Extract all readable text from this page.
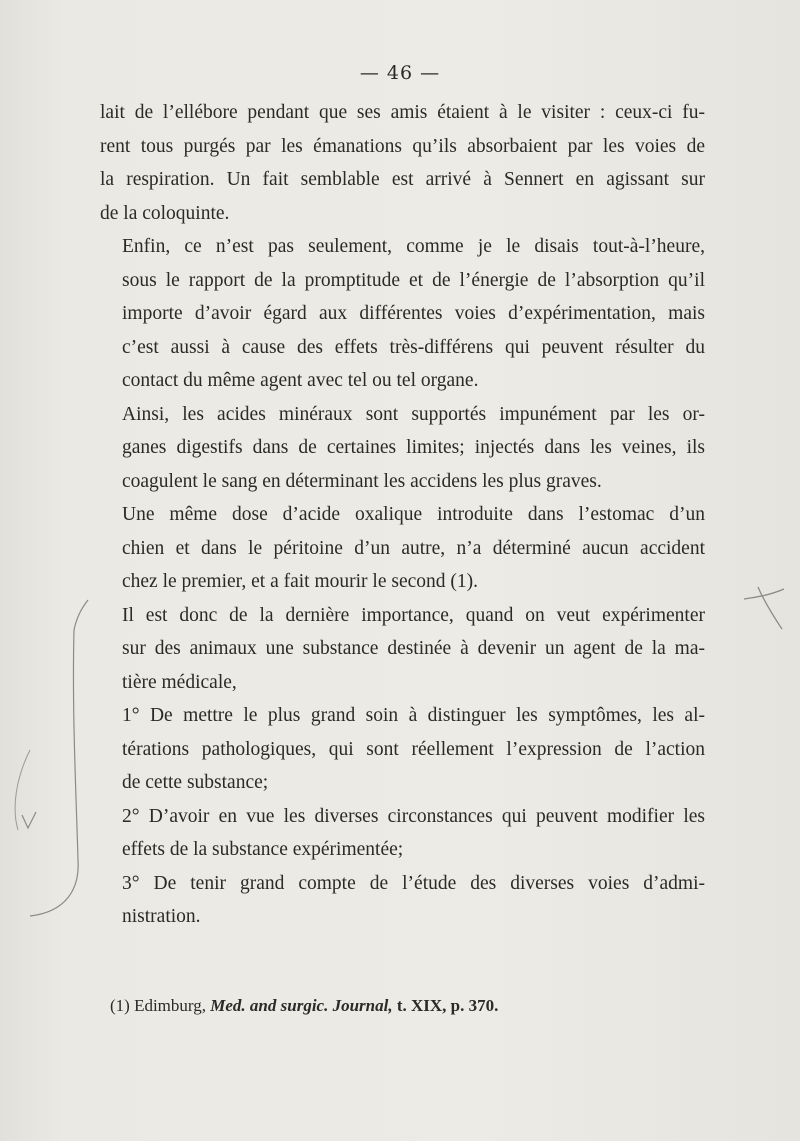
— 46 —

lait de l’ellébore pendant que ses amis étaient à le visiter : ceux-ci fu-
rent tous purgés par les émanations qu’ils absorbaient par les voies de
la respiration. Un fait semblable est arrivé à Sennert en agissant sur
de la coloquinte.

Enfin, ce n’est pas seulement, comme je le disais tout-à-l’heure,
sous le rapport de la promptitude et de l’énergie de l’absorption qu’il
importe d’avoir égard aux différentes voies d’expérimentation, mais
c’est aussi à cause des effets très-différens qui peuvent résulter du
contact du même agent avec tel ou tel organe.

Ainsi, les acides minéraux sont supportés impunément par les or-
ganes digestifs dans de certaines limites; injectés dans les veines, ils
coagulent le sang en déterminant les accidens les plus graves.

Une même dose d’acide oxalique introduite dans l’estomac d’un
chien et dans le péritoine d’un autre, n’a déterminé aucun accident
chez le premier, et a fait mourir le second (1).

Il est donc de la dernière importance, quand on veut expérimenter
sur des animaux une substance destinée à devenir un agent de la ma-
tière médicale,

1° De mettre le plus grand soin à distinguer les symptômes, les al-
térations pathologiques, qui sont réellement l’expression de l’action
de cette substance;

2° D’avoir en vue les diverses circonstances qui peuvent modifier les
effets de la substance expérimentée;

3° De tenir grand compte de l’étude des diverses voies d’admi-
nistration.

(1) Edimburg, Med. and surgic. Journal, t. XIX, p. 370.
